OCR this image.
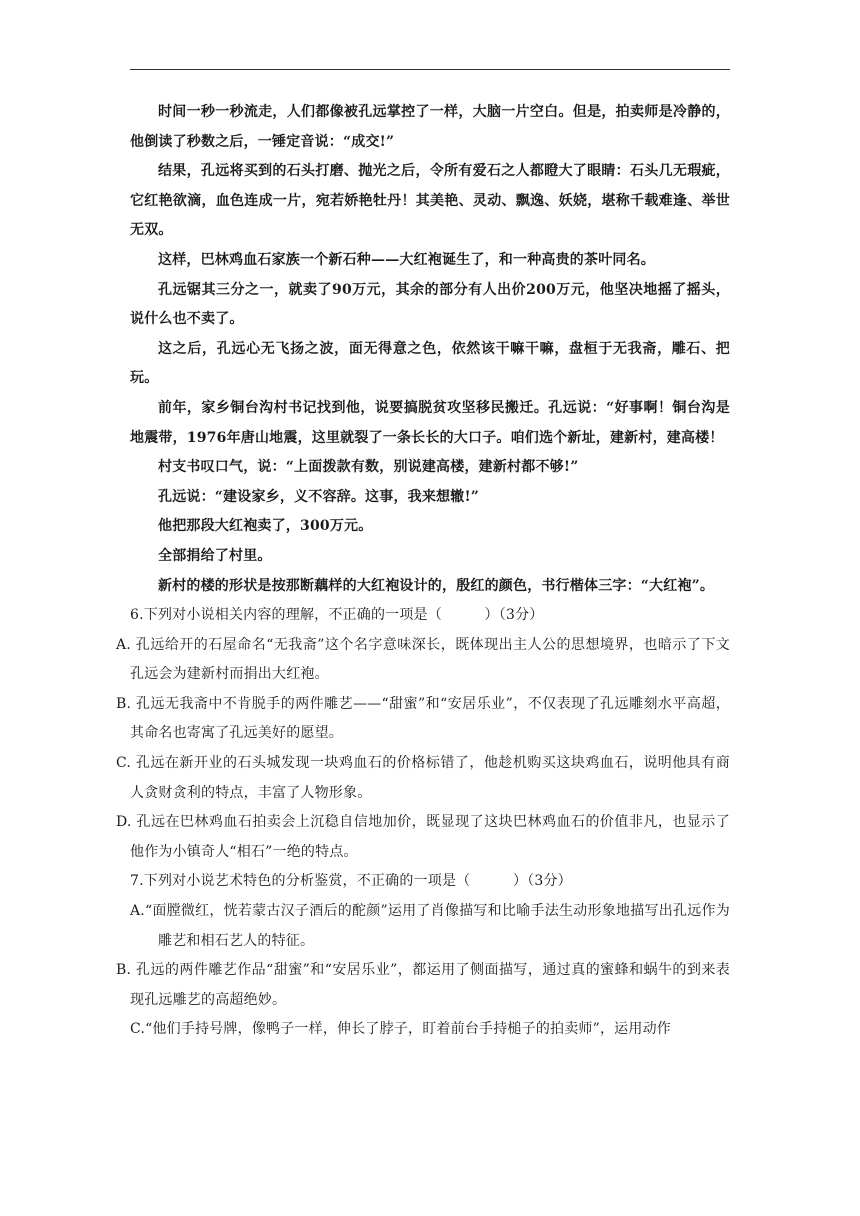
时间一秒一秒流走，人们都像被孔远掌控了一样，大脑一片空白。但是，拍卖师是冷静的，他倒读了秒数之后，一锤定音说：“成交!”

结果，孔远将买到的石头打磨、抛光之后，令所有爱石之人都瞪大了眼睛：石头几无瑕疵，它红艳欲滴，血色连成一片，宛若娇艳牡丹！其美艳、灵动、飘逸、妖娆，堪称千载难逢、举世无双。

这样，巴林鸡血石家族一个新石种——大红袍诞生了，和一种高贵的茶叶同名。

孔远锯其三分之一，就卖了90万元，其余的部分有人出价200万元，他坚决地摇了摇头，说什么也不卖了。

这之后，孔远心无飞扬之波，面无得意之色，依然该干嘛干嘛，盘桓于无我斋，雕石、把玩。

前年，家乡铜台沟村书记找到他，说要搞脱贫攻坚移民搬迁。孔远说：“好事啊！铜台沟是地震带，1976年唐山地震，这里就裂了一条长长的大口子。咱们选个新址，建新村，建高楼！

村支书叹口气，说：“上面拨款有数，别说建高楼，建新村都不够!”

孔远说：“建设家乡，义不容辞。这事，我来想辙!”

他把那段大红袍卖了，300万元。

全部捐给了村里。

新村的楼的形状是按那断藕样的大红袍设计的，殷红的颜色，书行楷体三字：“大红袍”。

6.下列对小说相关内容的理解，不正确的一项是（　　　）（3分）

A. 孔远给开的石屋命名“无我斋”这个名字意味深长，既体现出主人公的思想境界，也暗示了下文孔远会为建新村而捐出大红袍。

B. 孔远无我斋中不肯脱手的两件雕艺——“甜蜜”和“安居乐业”，不仅表现了孔远雕刻水平高超，其命名也寄寓了孔远美好的愿望。

C. 孔远在新开业的石头城发现一块鸡血石的价格标错了，他趁机购买这块鸡血石，说明他具有商人贪财贪利的特点，丰富了人物形象。

D. 孔远在巴林鸡血石拍卖会上沉稳自信地加价，既显现了这块巴林鸡血石的价值非凡，也显示了他作为小镇奇人“相石”一绝的特点。

7.下列对小说艺术特色的分析鉴赏，不正确的一项是（　　　）（3分）

A.“面膛微红，恍若蒙古汉子酒后的酡颜”运用了肖像描写和比喻手法生动形象地描写出孔远作为雕艺和相石艺人的特征。

B. 孔远的两件雕艺作品“甜蜜”和“安居乐业”，都运用了侧面描写，通过真的蜜蜂和蜗牛的到来表现孔远雕艺的高超绝妙。

C.“他们手持号牌，像鸭子一样，伸长了脖子，盯着前台手持槌子的拍卖师”，运用动作
